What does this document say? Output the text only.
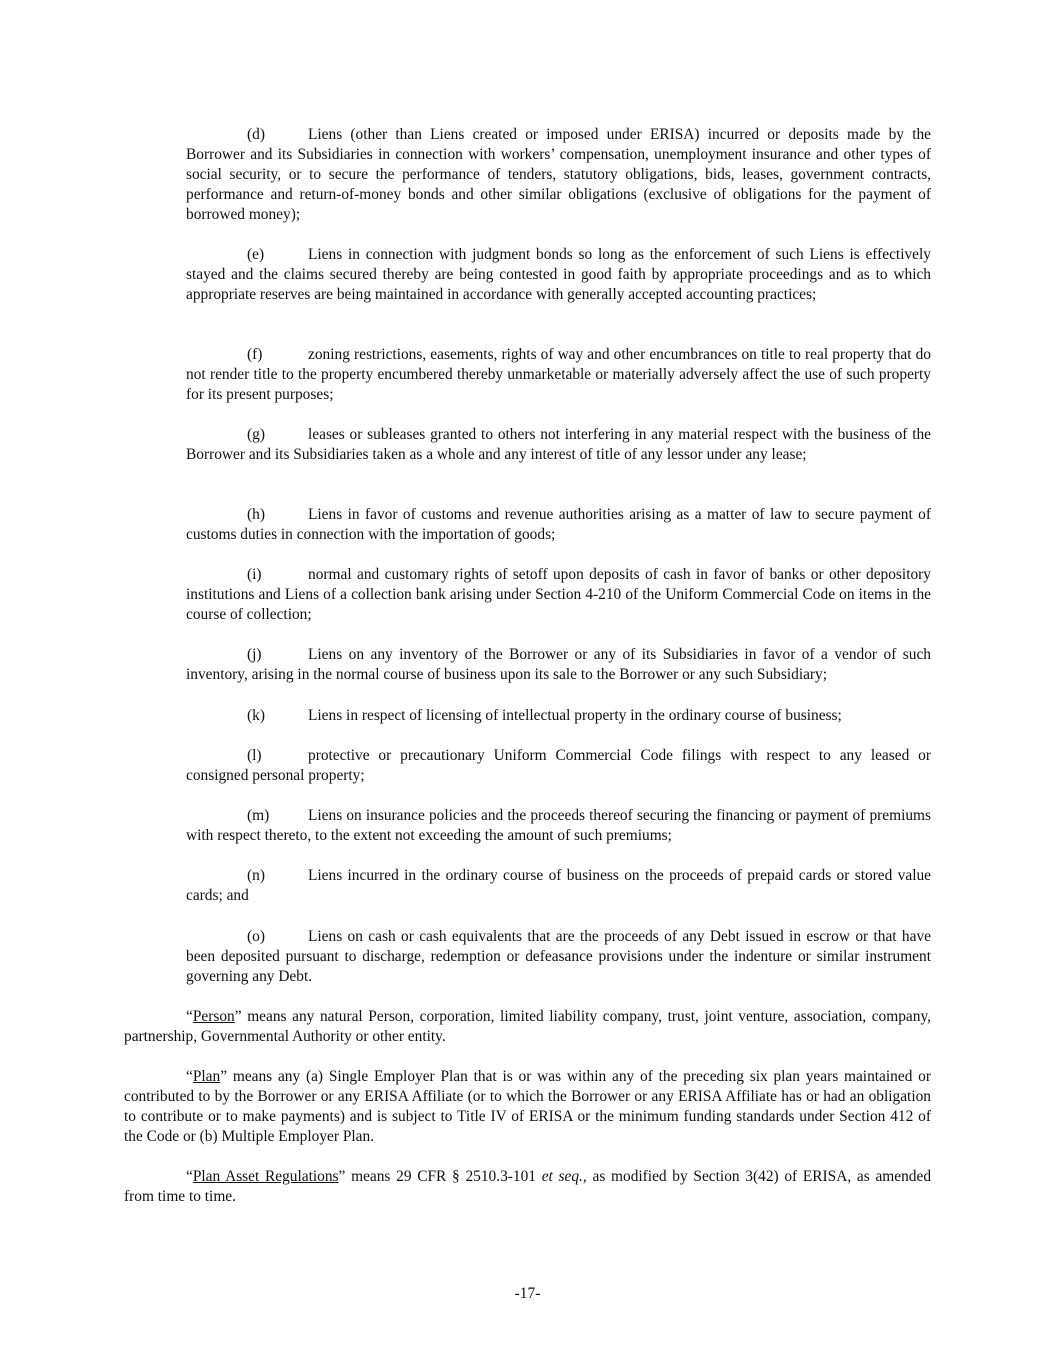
(d)	Liens (other than Liens created or imposed under ERISA) incurred or deposits made by the Borrower and its Subsidiaries in connection with workers’ compensation, unemployment insurance and other types of social security, or to secure the performance of tenders, statutory obligations, bids, leases, government contracts, performance and return-of-money bonds and other similar obligations (exclusive of obligations for the payment of borrowed money);

(e)	Liens in connection with judgment bonds so long as the enforcement of such Liens is effectively stayed and the claims secured thereby are being contested in good faith by appropriate proceedings and as to which appropriate reserves are being maintained in accordance with generally accepted accounting practices;

(f)	zoning restrictions, easements, rights of way and other encumbrances on title to real property that do not render title to the property encumbered thereby unmarketable or materially adversely affect the use of such property for its present purposes;

(g)	leases or subleases granted to others not interfering in any material respect with the business of the Borrower and its Subsidiaries taken as a whole and any interest of title of any lessor under any lease;

(h)	Liens in favor of customs and revenue authorities arising as a matter of law to secure payment of customs duties in connection with the importation of goods;

(i)	normal and customary rights of setoff upon deposits of cash in favor of banks or other depository institutions and Liens of a collection bank arising under Section 4-210 of the Uniform Commercial Code on items in the course of collection;

(j)	Liens on any inventory of the Borrower or any of its Subsidiaries in favor of a vendor of such inventory, arising in the normal course of business upon its sale to the Borrower or any such Subsidiary;

(k)	Liens in respect of licensing of intellectual property in the ordinary course of business;

(l)	protective or precautionary Uniform Commercial Code filings with respect to any leased or consigned personal property;

(m)	Liens on insurance policies and the proceeds thereof securing the financing or payment of premiums with respect thereto, to the extent not exceeding the amount of such premiums;

(n)	Liens incurred in the ordinary course of business on the proceeds of prepaid cards or stored value cards; and

(o)	Liens on cash or cash equivalents that are the proceeds of any Debt issued in escrow or that have been deposited pursuant to discharge, redemption or defeasance provisions under the indenture or similar instrument governing any Debt.

“Person” means any natural Person, corporation, limited liability company, trust, joint venture, association, company, partnership, Governmental Authority or other entity.

“Plan” means any (a) Single Employer Plan that is or was within any of the preceding six plan years maintained or contributed to by the Borrower or any ERISA Affiliate (or to which the Borrower or any ERISA Affiliate has or had an obligation to contribute or to make payments) and is subject to Title IV of ERISA or the minimum funding standards under Section 412 of the Code or (b) Multiple Employer Plan.

“Plan Asset Regulations” means 29 CFR § 2510.3-101 et seq., as modified by Section 3(42) of ERISA, as amended from time to time.

-17-
